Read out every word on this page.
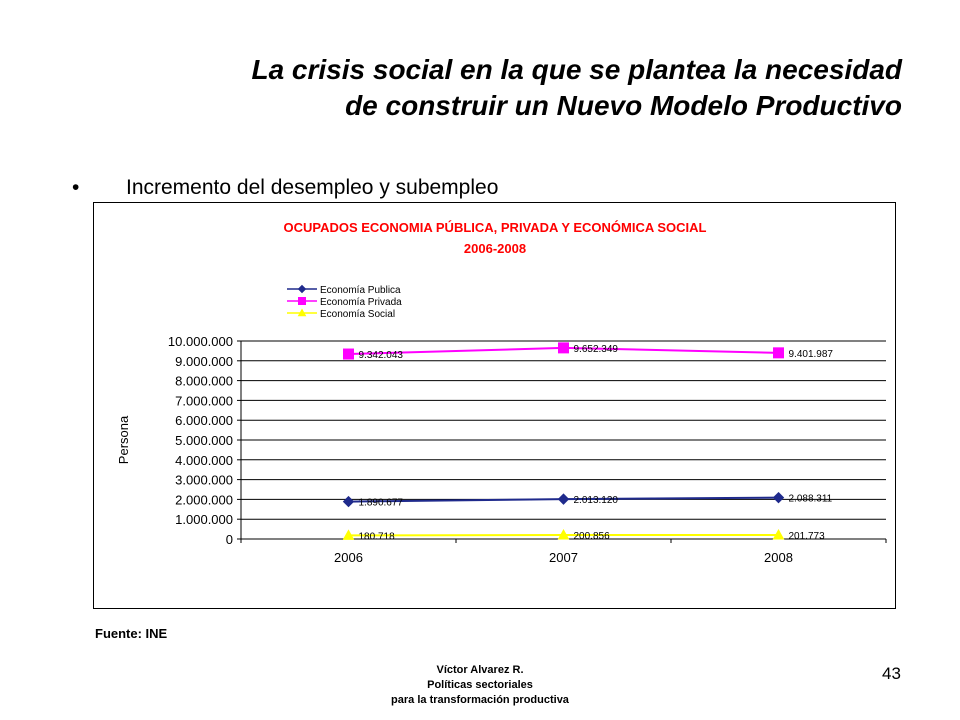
La crisis social en la que se plantea la necesidad
de construir un Nuevo Modelo Productivo
• Incremento del desempleo y subempleo
OCUPADOS ECONOMIA PÚBLICA, PRIVADA Y ECONÓMICA SOCIAL
2006-2008
Economía Publica
Economía Privada
Economía Social
10.000.000
9.000.000
8.000.000
7.000.000
6.000.000
5.000.000
4.000.000
3.000.000
2.000.000
1.000.000
0
Persona
2006	2007	2008
1.890.677	2.013.120	2.088.311
9.342.043
9.652.349	9.401.987
180.718	200.856	201.773
Fuente: INE
Víctor Alvarez R.
Políticas sectoriales
para la transformación productiva
43
